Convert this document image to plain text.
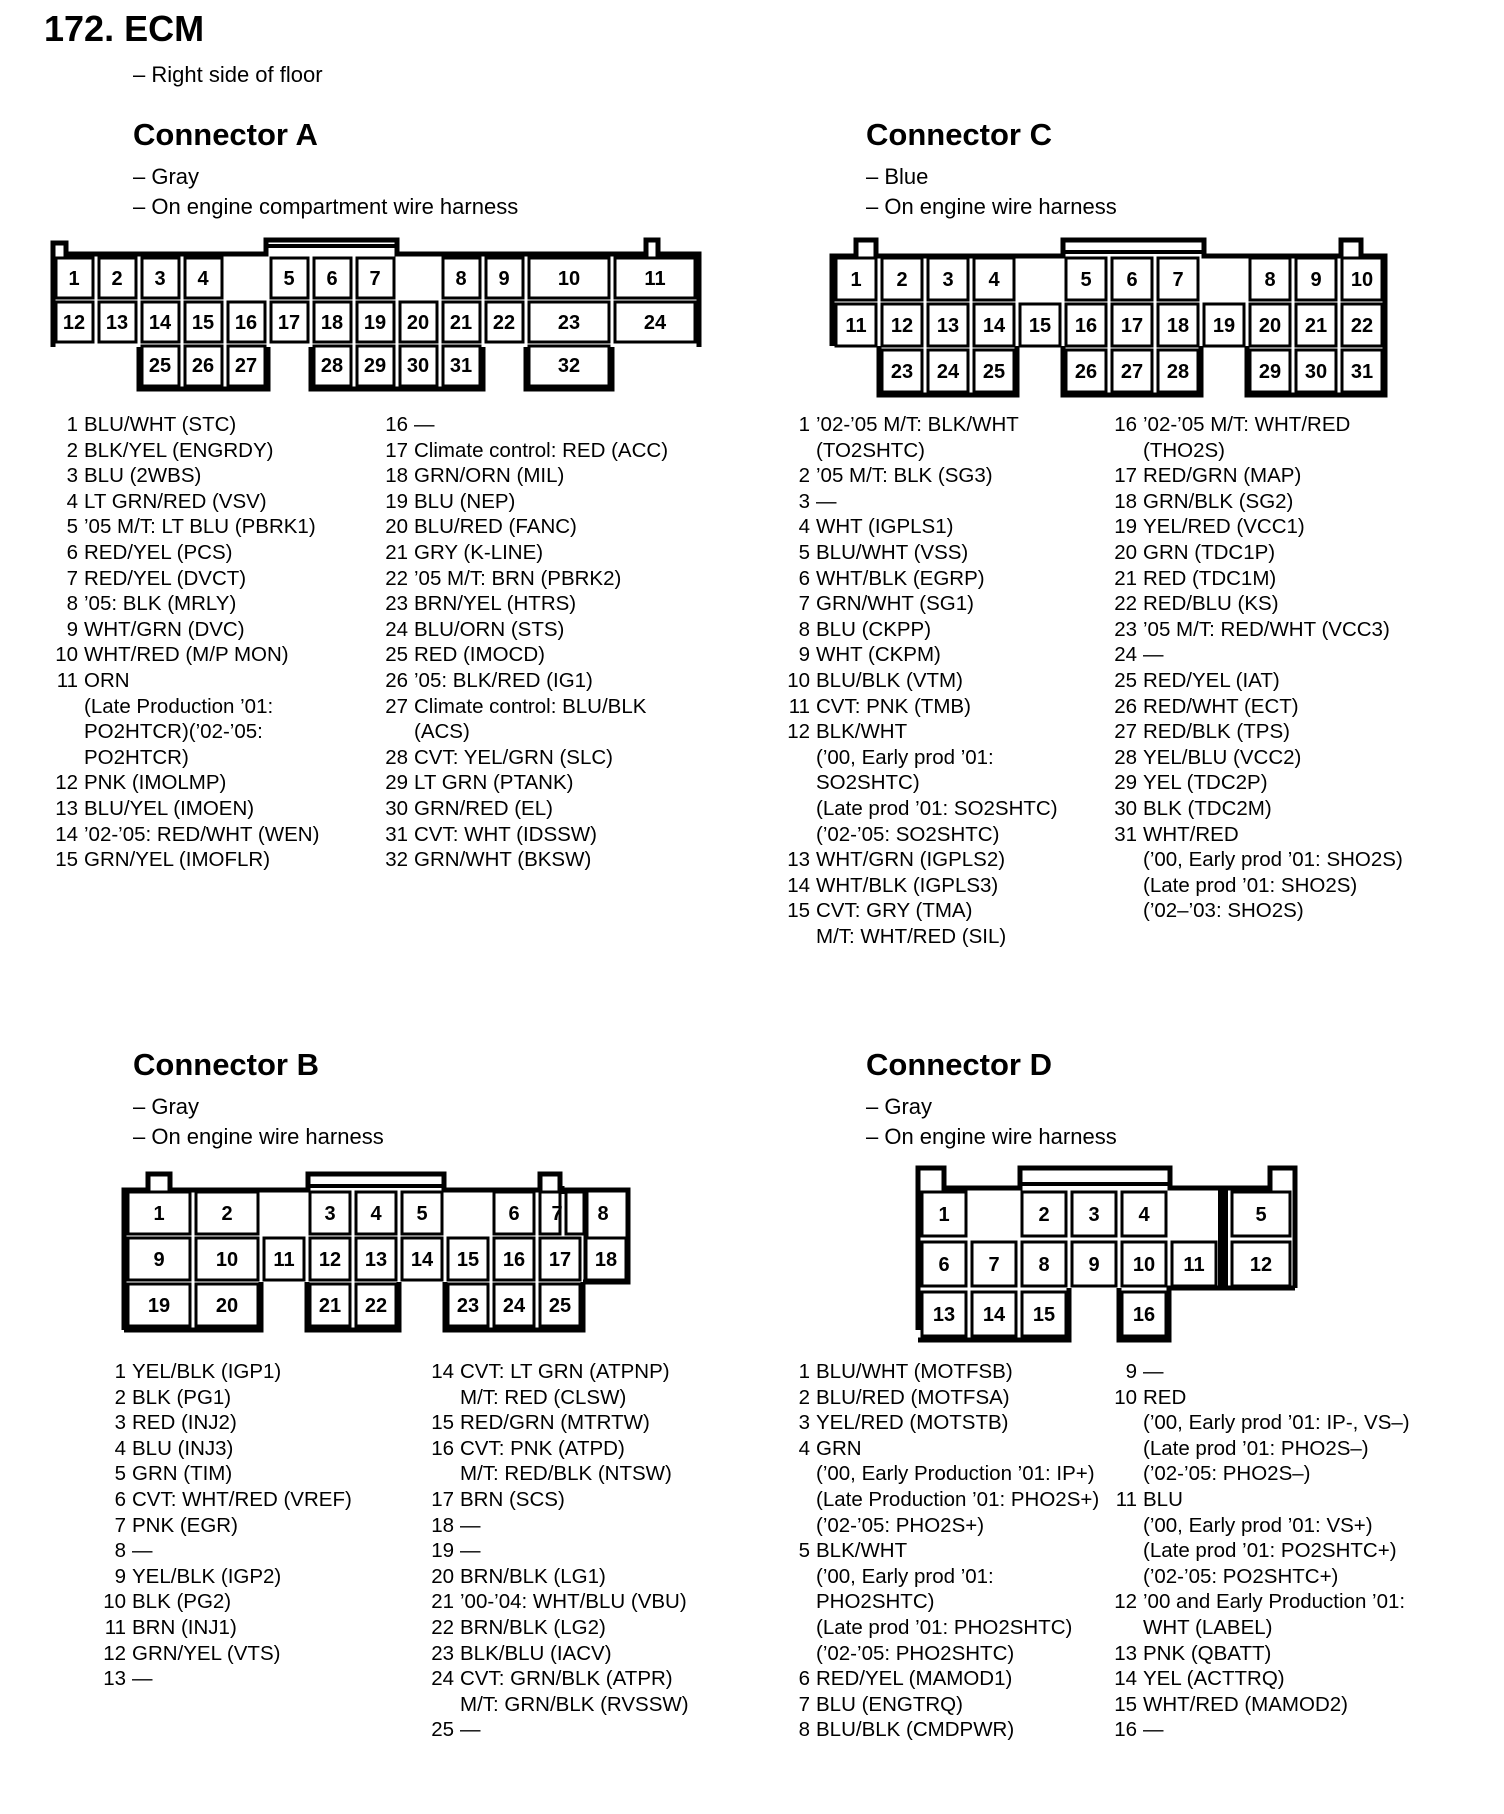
172. ECM
– Right side of floor
Connector A
– Gray
– On engine compartment wire harness
1 2 3 4	5 6 7	8 9 10	11
12 13 14 15 16 17 18 19 20 21 22 23	24
25 26 27	28 29 30 31	32
1 BLU/WHT (STC)
2 BLK/YEL (ENGRDY)
3 BLU (2WBS)
4 LT GRN/RED (VSV)
5 ’05 M/T: LT BLU (PBRK1)
6 RED/YEL (PCS)
7 RED/YEL (DVCT)
8 ’05: BLK (MRLY)
9 WHT/GRN (DVC)
10 WHT/RED (M/P MON)
11 ORN
(Late Production ’01:
PO2HTCR)(’02-’05:
PO2HTCR)
12 PNK (IMOLMP)
13 BLU/YEL (IMOEN)
14 ’02-’05: RED/WHT (WEN)
15 GRN/YEL (IMOFLR)
16 —
17 Climate control: RED (ACC)
18 GRN/ORN (MIL)
19 BLU (NEP)
20 BLU/RED (FANC)
21 GRY (K-LINE)
22 ’05 M/T: BRN (PBRK2)
23 BRN/YEL (HTRS)
24 BLU/ORN (STS)
25 RED (IMOCD)
26 ’05: BLK/RED (IG1)
27 Climate control: BLU/BLK
(ACS)
28 CVT: YEL/GRN (SLC)
29 LT GRN (PTANK)
30 GRN/RED (EL)
31 CVT: WHT (IDSSW)
32 GRN/WHT (BKSW)
Connector C
– Blue
– On engine wire harness
1 2 3 4	5 6 7	8 9 10
11 12 13 14 15 16 17 18 19 20 21 22
23 24 25	26 27 28	29 30 31
1 ’02-’05 M/T: BLK/WHT
(TO2SHTC)
2 ’05 M/T: BLK (SG3)
3 —
4 WHT (IGPLS1)
5 BLU/WHT (VSS)
6 WHT/BLK (EGRP)
7 GRN/WHT (SG1)
8 BLU (CKPP)
9 WHT (CKPM)
10 BLU/BLK (VTM)
11 CVT: PNK (TMB)
12 BLK/WHT
(’00, Early prod ’01:
SO2SHTC)
(Late prod ’01: SO2SHTC)
(’02-’05: SO2SHTC)
13 WHT/GRN (IGPLS2)
14 WHT/BLK (IGPLS3)
15 CVT: GRY (TMA)
M/T: WHT/RED (SIL)
16 ’02-’05 M/T: WHT/RED
(THO2S)
17 RED/GRN (MAP)
18 GRN/BLK (SG2)
19 YEL/RED (VCC1)
20 GRN (TDC1P)
21 RED (TDC1M)
22 RED/BLU (KS)
23 ’05 M/T: RED/WHT (VCC3)
24 —
25 RED/YEL (IAT)
26 RED/WHT (ECT)
27 RED/BLK (TPS)
28 YEL/BLU (VCC2)
29 YEL (TDC2P)
30 BLK (TDC2M)
31 WHT/RED
(’00, Early prod ’01: SHO2S)
(Late prod ’01: SHO2S)
(’02–’03: SHO2S)
Connector B
– Gray
– On engine wire harness
1	2	3 4 5	6 7 8
9	10 11 12 13 14 15 16 17 18
19 20	21 22	23 24 25
1 YEL/BLK (IGP1)
2 BLK (PG1)
3 RED (INJ2)
4 BLU (INJ3)
5 GRN (TIM)
6 CVT: WHT/RED (VREF)
7 PNK (EGR)
8 —
9 YEL/BLK (IGP2)
10 BLK (PG2)
11 BRN (INJ1)
12 GRN/YEL (VTS)
13 —
14 CVT: LT GRN (ATPNP)
M/T: RED (CLSW)
15 RED/GRN (MTRTW)
16 CVT: PNK (ATPD)
M/T: RED/BLK (NTSW)
17 BRN (SCS)
18 —
19 —
20 BRN/BLK (LG1)
21 ’00-’04: WHT/BLU (VBU)
22 BRN/BLK (LG2)
23 BLK/BLU (IACV)
24 CVT: GRN/BLK (ATPR)
M/T: GRN/BLK (RVSSW)
25 —
Connector D
– Gray
– On engine wire harness
1	2 3 4	5
6 7 8 9 10 11 12
13 14 15	16
1 BLU/WHT (MOTFSB)
2 BLU/RED (MOTFSA)
3 YEL/RED (MOTSTB)
4 GRN
(’00, Early Production ’01: IP+)
(Late Production ’01: PHO2S+)
(’02-’05: PHO2S+)
5 BLK/WHT
(’00, Early prod ’01:
PHO2SHTC)
(Late prod ’01: PHO2SHTC)
(’02-’05: PHO2SHTC)
6 RED/YEL (MAMOD1)
7 BLU (ENGTRQ)
8 BLU/BLK (CMDPWR)
9 —
10 RED
(’00, Early prod ’01: IP-, VS–)
(Late prod ’01: PHO2S–)
(’02-’05: PHO2S–)
11 BLU
(’00, Early prod ’01: VS+)
(Late prod ’01: PO2SHTC+)
(’02-’05: PO2SHTC+)
12 ’00 and Early Production ’01:
WHT (LABEL)
13 PNK (QBATT)
14 YEL (ACTTRQ)
15 WHT/RED (MAMOD2)
16 —
